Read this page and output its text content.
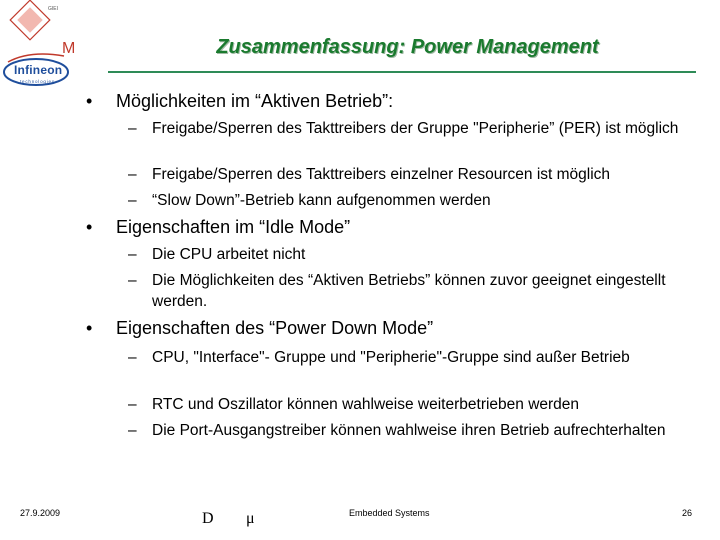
GIEI
M
Infineon
technologies
Zusammenfassung: Power Management
• Möglichkeiten im “Aktiven Betrieb”:
– Freigabe/Sperren des Takttreibers der Gruppe "Peripherie” (PER) ist möglich
– Freigabe/Sperren des Takttreibers einzelner Resourcen ist möglich
– “Slow Down”-Betrieb kann aufgenommen werden
• Eigenschaften im “Idle Mode”
– Die CPU arbeitet nicht
– Die Möglichkeiten des “Aktiven Betriebs” können zuvor geeignet eingestellt werden.
• Eigenschaften des “Power Down Mode”
– CPU, "Interface"- Gruppe und "Peripherie"-Gruppe sind außer Betrieb
– RTC und Oszillator können wahlweise weiterbetrieben werden
– Die Port-Ausgangstreiber können wahlweise ihren Betrieb aufrechterhalten
27.9.2009	D μ	Embedded Systems	26
